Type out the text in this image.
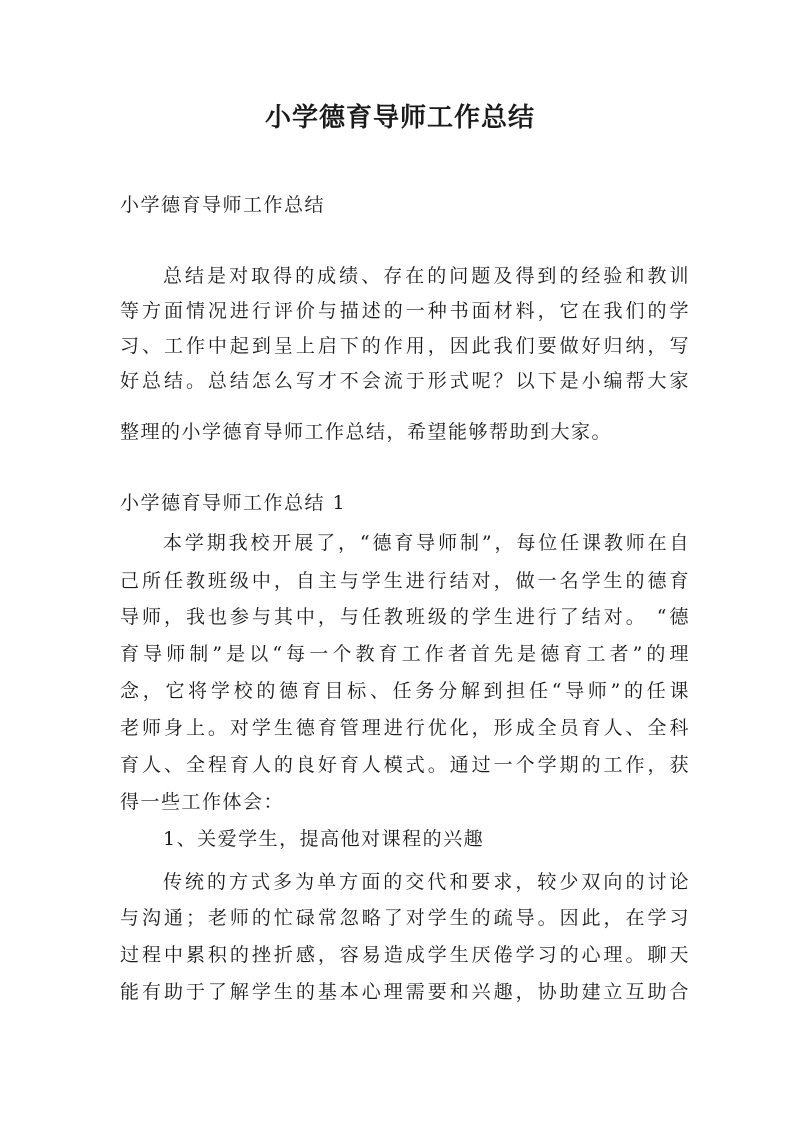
小学德育导师工作总结
小学德育导师工作总结
总结是对取得的成绩、存在的问题及得到的经验和教训
等方面情况进行评价与描述的一种书面材料，它在我们的学
习、工作中起到呈上启下的作用，因此我们要做好归纳，写
好总结。总结怎么写才不会流于形式呢？以下是小编帮大家
整理的小学德育导师工作总结，希望能够帮助到大家。
小学德育导师工作总结 1
本学期我校开展了，“德育导师制”，每位任课教师在自
己所任教班级中，自主与学生进行结对，做一名学生的德育
导师，我也参与其中，与任教班级的学生进行了结对。 “德
育导师制”是以“每一个教育工作者首先是德育工者”的理
念，它将学校的德育目标、任务分解到担任“导师”的任课
老师身上。对学生德育管理进行优化，形成全员育人、全科
育人、全程育人的良好育人模式。通过一个学期的工作，获
得一些工作体会：
1、关爱学生，提高他对课程的兴趣
传统的方式多为单方面的交代和要求，较少双向的讨论
与沟通；老师的忙碌常忽略了对学生的疏导。因此，在学习
过程中累积的挫折感，容易造成学生厌倦学习的心理。聊天
能有助于了解学生的基本心理需要和兴趣，协助建立互助合
